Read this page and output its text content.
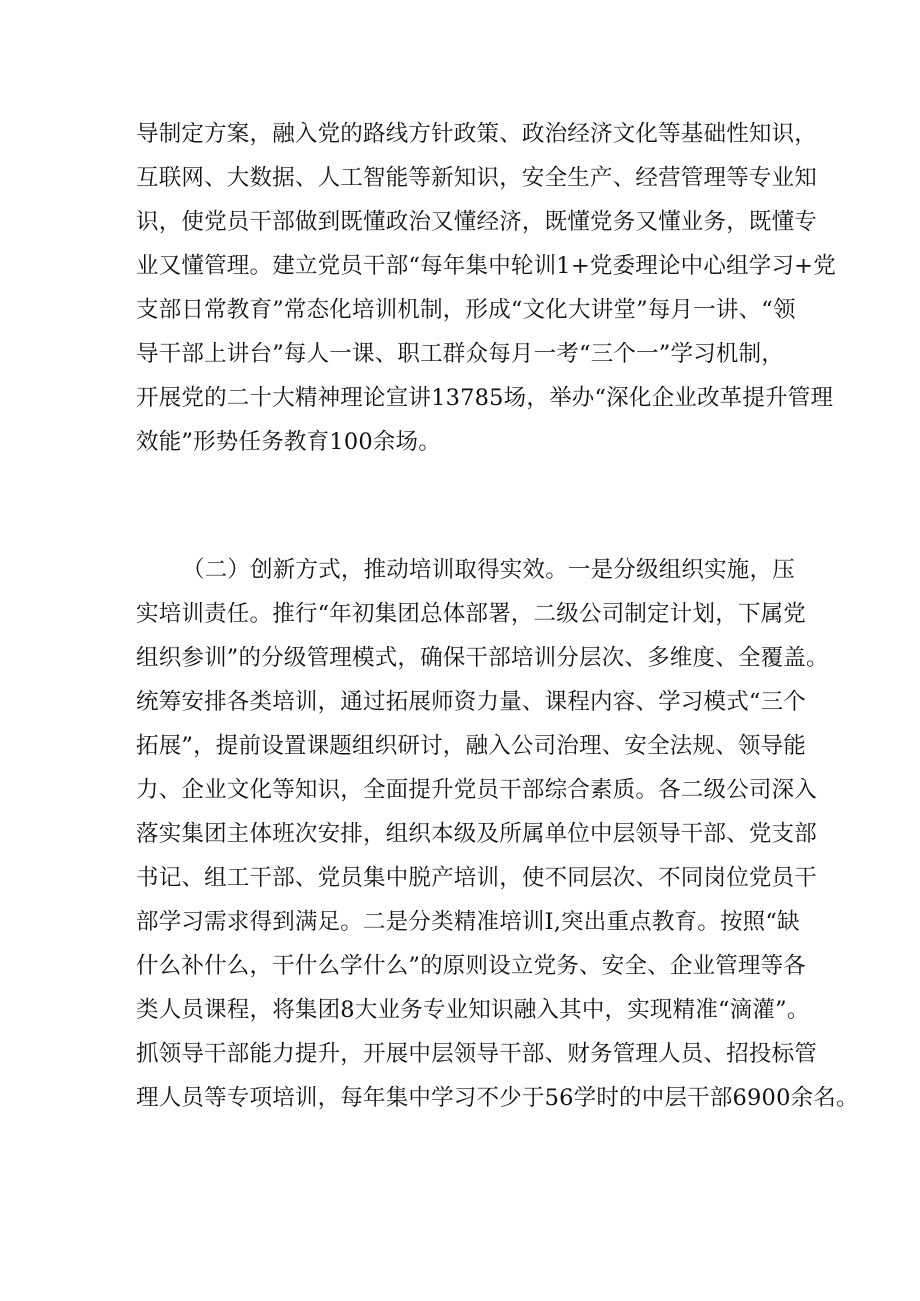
导制定方案，融入党的路线方针政策、政治经济文化等基础性知识，
互联网、大数据、人工智能等新知识，安全生产、经营管理等专业知
识，使党员干部做到既懂政治又懂经济，既懂党务又懂业务，既懂专
业又懂管理。建立党员干部“每年集中轮训1+党委理论中心组学习+党
支部日常教育”常态化培训机制，形成“文化大讲堂”每月一讲、“领
导干部上讲台”每人一课、职工群众每月一考“三个一”学习机制，
开展党的二十大精神理论宣讲13785场，举办“深化企业改革提升管理
效能”形势任务教育100余场。
（二）创新方式，推动培训取得实效。一是分级组织实施，压
实培训责任。推行“年初集团总体部署，二级公司制定计划，下属党
组织参训”的分级管理模式，确保干部培训分层次、多维度、全覆盖。
统筹安排各类培训，通过拓展师资力量、课程内容、学习模式“三个
拓展”，提前设置课题组织研讨，融入公司治理、安全法规、领导能
力、企业文化等知识，全面提升党员干部综合素质。各二级公司深入
落实集团主体班次安排，组织本级及所属单位中层领导干部、党支部
书记、组工干部、党员集中脱产培训，使不同层次、不同岗位党员干
部学习需求得到满足。二是分类精准培训I,突出重点教育。按照“缺
什么补什么，干什么学什么”的原则设立党务、安全、企业管理等各
类人员课程，将集团8大业务专业知识融入其中，实现精准“滴灌”。
抓领导干部能力提升，开展中层领导干部、财务管理人员、招投标管
理人员等专项培训，每年集中学习不少于56学时的中层干部6900余名。
